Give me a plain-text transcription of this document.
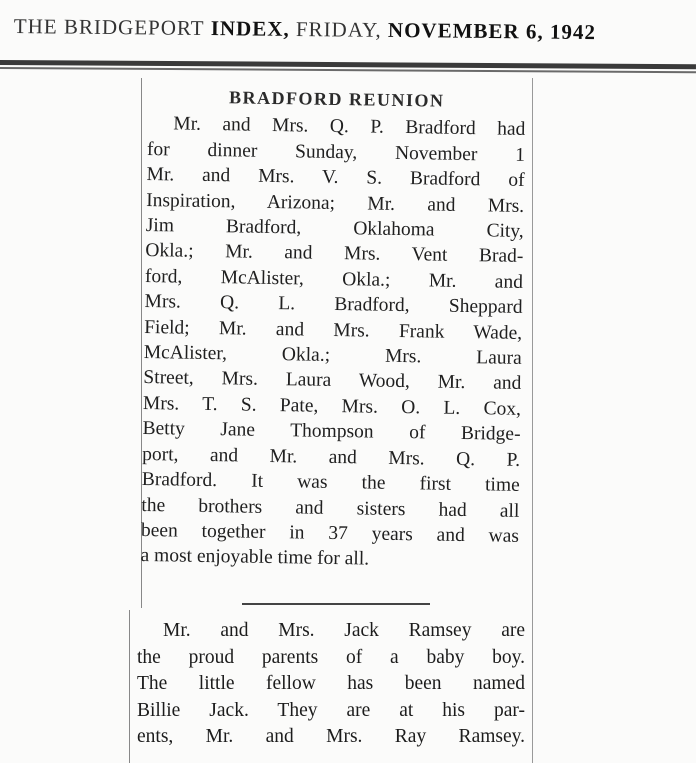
THE BRIDGEPORT INDEX, FRIDAY, NOVEMBER 6, 1942
BRADFORD REUNION
Mr. and Mrs. Q. P. Bradford had
for dinner Sunday, November 1
Mr. and Mrs. V. S. Bradford of
Inspiration, Arizona; Mr. and Mrs.
Jim Bradford, Oklahoma City,
Okla.; Mr. and Mrs. Vent Brad-
ford, McAlister, Okla.; Mr. and
Mrs. Q. L. Bradford, Sheppard
Field; Mr. and Mrs. Frank Wade,
McAlister, Okla.; Mrs. Laura
Street, Mrs. Laura Wood, Mr. and
Mrs. T. S. Pate, Mrs. O. L. Cox,
Betty Jane Thompson of Bridge-
port, and Mr. and Mrs. Q. P.
Bradford. It was the first time
the brothers and sisters had all
been together in 37 years and was
a most enjoyable time for all.
Mr. and Mrs. Jack Ramsey are
the proud parents of a baby boy.
The little fellow has been named
Billie Jack. They are at his par-
ents, Mr. and Mrs. Ray Ramsey.
